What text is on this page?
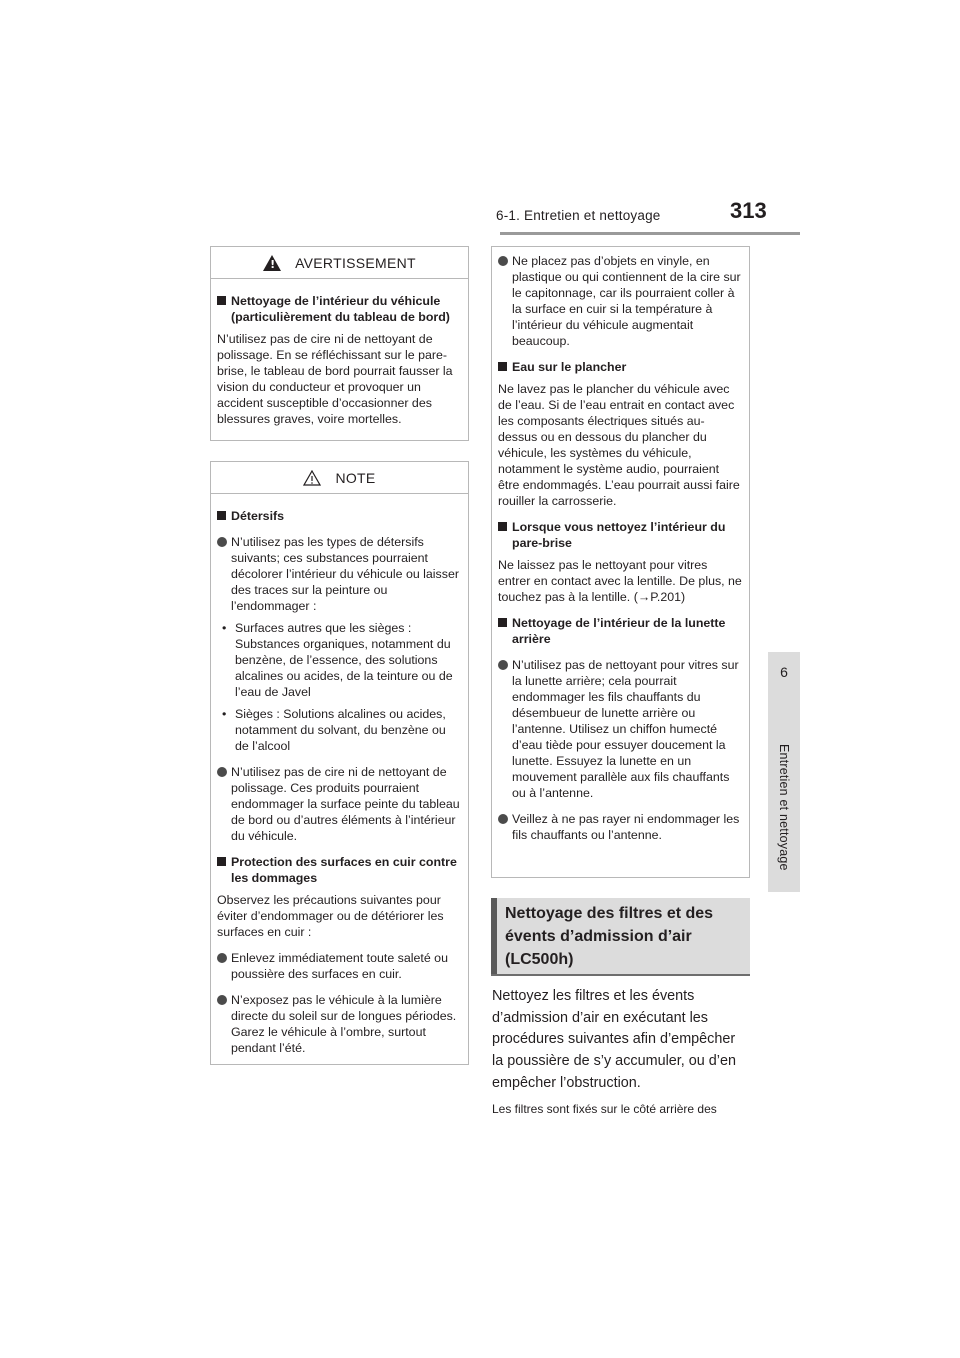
6-1. Entretien et nettoyage	313
6
Entretien et nettoyage
!
AVERTISSEMENT
Nettoyage de l’intérieur du véhicule (particulièrement du tableau de bord)
N’utilisez pas de cire ni de nettoyant de polissage. En se réfléchissant sur le pare-brise, le tableau de bord pourrait fausser la vision du conducteur et provoquer un accident susceptible d’occasionner des blessures graves, voire mortelles.
NOTE
Détersifs
N’utilisez pas les types de détersifs suivants; ces substances pourraient décolorer l’intérieur du véhicule ou laisser des traces sur la peinture ou l’endommager :
• Surfaces autres que les sièges : Substances organiques, notamment du benzène, de l’essence, des solutions alcalines ou acides, de la teinture ou de l’eau de Javel
• Sièges : Solutions alcalines ou acides, notamment du solvant, du benzène ou de l’alcool
N’utilisez pas de cire ni de nettoyant de polissage. Ces produits pourraient endommager la surface peinte du tableau de bord ou d’autres éléments à l’intérieur du véhicule.
Protection des surfaces en cuir contre les dommages
Observez les précautions suivantes pour éviter d’endommager ou de détériorer les surfaces en cuir :
Enlevez immédiatement toute saleté ou poussière des surfaces en cuir.
N’exposez pas le véhicule à la lumière directe du soleil sur de longues périodes. Garez le véhicule à l’ombre, surtout pendant l’été.
Ne placez pas d’objets en vinyle, en plastique ou qui contiennent de la cire sur le capitonnage, car ils pourraient coller à la surface en cuir si la température à l’intérieur du véhicule augmentait beaucoup.
Eau sur le plancher
Ne lavez pas le plancher du véhicule avec de l’eau. Si de l’eau entrait en contact avec les composants électriques situés au-dessus ou en dessous du plancher du véhicule, les systèmes du véhicule, notamment le système audio, pourraient être endommagés. L’eau pourrait aussi faire rouiller la carrosserie.
Lorsque vous nettoyez l’intérieur du pare-brise
Ne laissez pas le nettoyant pour vitres entrer en contact avec la lentille. De plus, ne touchez pas à la lentille. (→P.201)
Nettoyage de l’intérieur de la lunette arrière
N’utilisez pas de nettoyant pour vitres sur la lunette arrière; cela pourrait endommager les fils chauffants du désembueur de lunette arrière ou l’antenne. Utilisez un chiffon humecté d’eau tiède pour essuyer doucement la lunette. Essuyez la lunette en un mouvement parallèle aux fils chauffants ou à l’antenne.
Veillez à ne pas rayer ni endommager les fils chauffants ou l’antenne.
Nettoyage des filtres et des évents d’admission d’air (LC500h)
Nettoyez les filtres et les évents d’admission d’air en exécutant les procédures suivantes afin d’empêcher la poussière de s’y accumuler, ou d’en empêcher l’obstruction.
Les filtres sont fixés sur le côté arrière des
